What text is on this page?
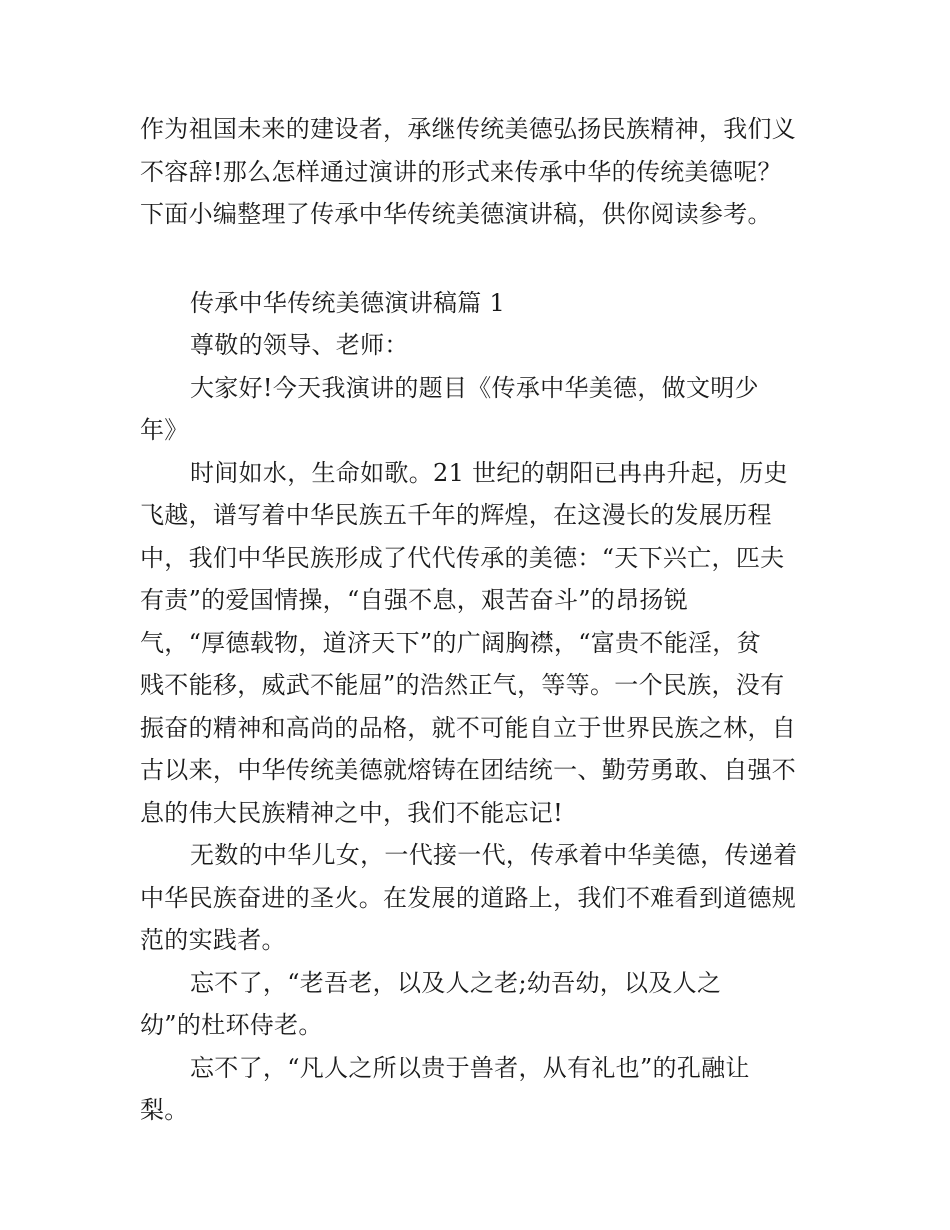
作为祖国未来的建设者，承继传统美德弘扬民族精神，我们义
不容辞!那么怎样通过演讲的形式来传承中华的传统美德呢？
下面小编整理了传承中华传统美德演讲稿，供你阅读参考。
传承中华传统美德演讲稿篇 1
尊敬的领导、老师：
大家好!今天我演讲的题目《传承中华美德，做文明少
年》
时间如水，生命如歌。21 世纪的朝阳已冉冉升起，历史
飞越，谱写着中华民族五千年的辉煌，在这漫长的发展历程
中，我们中华民族形成了代代传承的美德：“天下兴亡，匹夫
有责”的爱国情操，“自强不息，艰苦奋斗”的昂扬锐
气，“厚德载物，道济天下”的广阔胸襟，“富贵不能淫，贫
贱不能移，威武不能屈”的浩然正气，等等。一个民族，没有
振奋的精神和高尚的品格，就不可能自立于世界民族之林，自
古以来，中华传统美德就熔铸在团结统一、勤劳勇敢、自强不
息的伟大民族精神之中，我们不能忘记!
无数的中华儿女，一代接一代，传承着中华美德，传递着
中华民族奋进的圣火。在发展的道路上，我们不难看到道德规
范的实践者。
忘不了，“老吾老，以及人之老;幼吾幼，以及人之
幼”的杜环侍老。
忘不了，“凡人之所以贵于兽者，从有礼也”的孔融让
梨。
